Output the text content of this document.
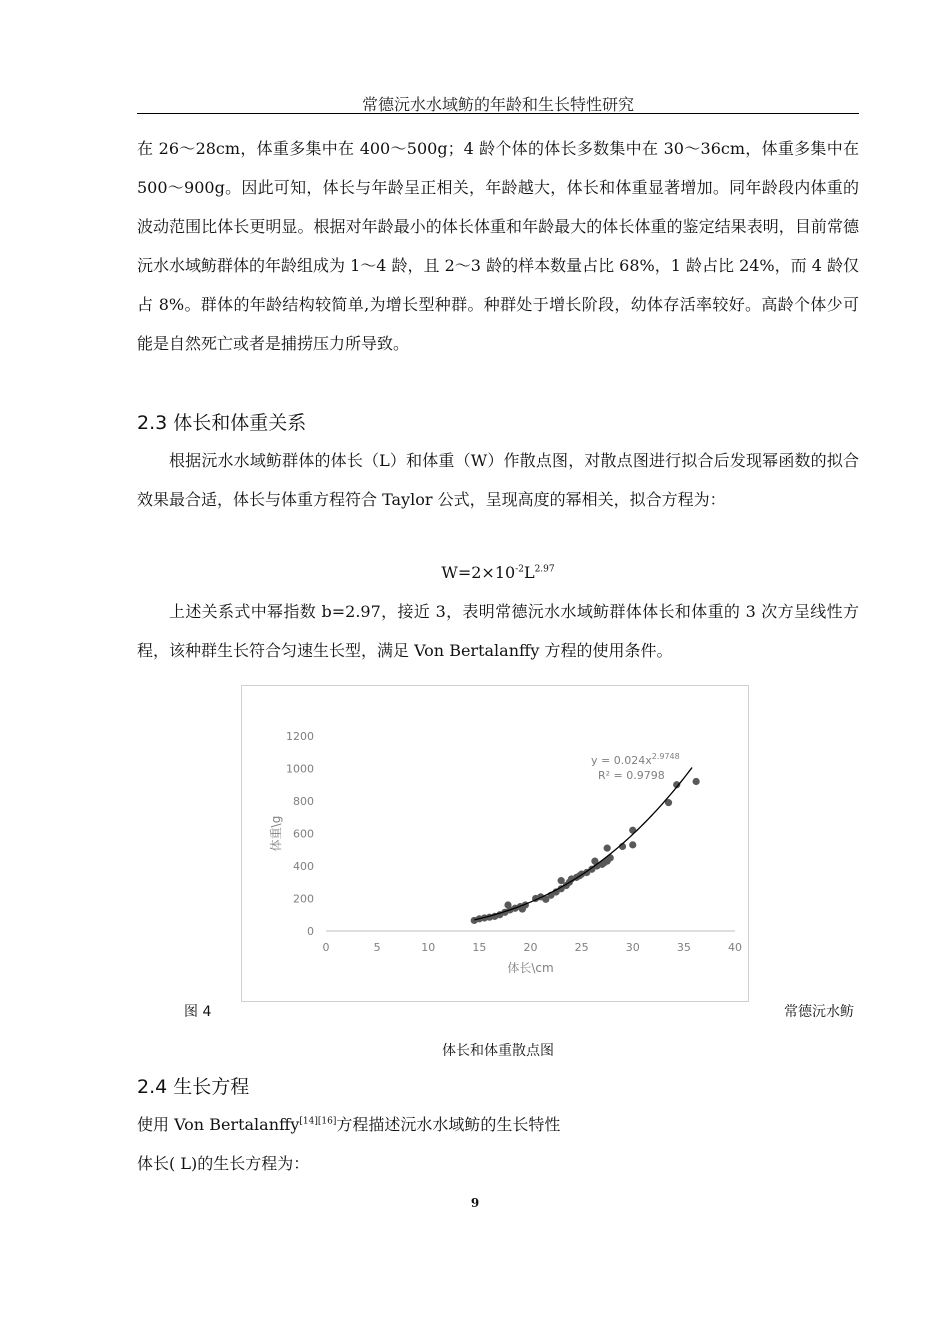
常德沅水水域鲂的年龄和生长特性研究

在 26～28cm，体重多集中在 400～500g；4 龄个体的体长多数集中在 30～36cm，体重多集中在 500～900g。因此可知，体长与年龄呈正相关，年龄越大，体长和体重显著增加。同年龄段内体重的波动范围比体长更明显。根据对年龄最小的体长体重和年龄最大的体长体重的鉴定结果表明，目前常德沅水水域鲂群体的年龄组成为 1～4 龄，且 2～3 龄的样本数量占比 68%，1 龄占比 24%，而 4 龄仅占 8%。群体的年龄结构较简单,为增长型种群。种群处于增长阶段，幼体存活率较好。高龄个体少可能是自然死亡或者是捕捞压力所导致。

2.3 体长和体重关系

根据沅水水域鲂群体的体长（L）和体重（W）作散点图，对散点图进行拟合后发现幂函数的拟合效果最合适，体长与体重方程符合 Taylor 公式，呈现高度的幂相关，拟合方程为：

$W=2\times 10^{-2}L^{2.97}$

上述关系式中幂指数 b=2.97，接近 3，表明常德沅水水域鲂群体体长和体重的 3 次方呈线性方程，该种群生长符合匀速生长型，满足 Von Bertalanffy 方程的使用条件。

0
200
400
600
800
1000
1200
0	5	10	15	20	25	30	35	40
体长\cm
体重\g
$y = 0.024x^{2.9748}$
R² = 0.9798
图 4	常德沅水鲂
体长和体重散点图
2.4 生长方程
使用 Von Bertalanffy[14][16]方程描述沅水水域鲂的生长特性
体长( L)的生长方程为：
9
